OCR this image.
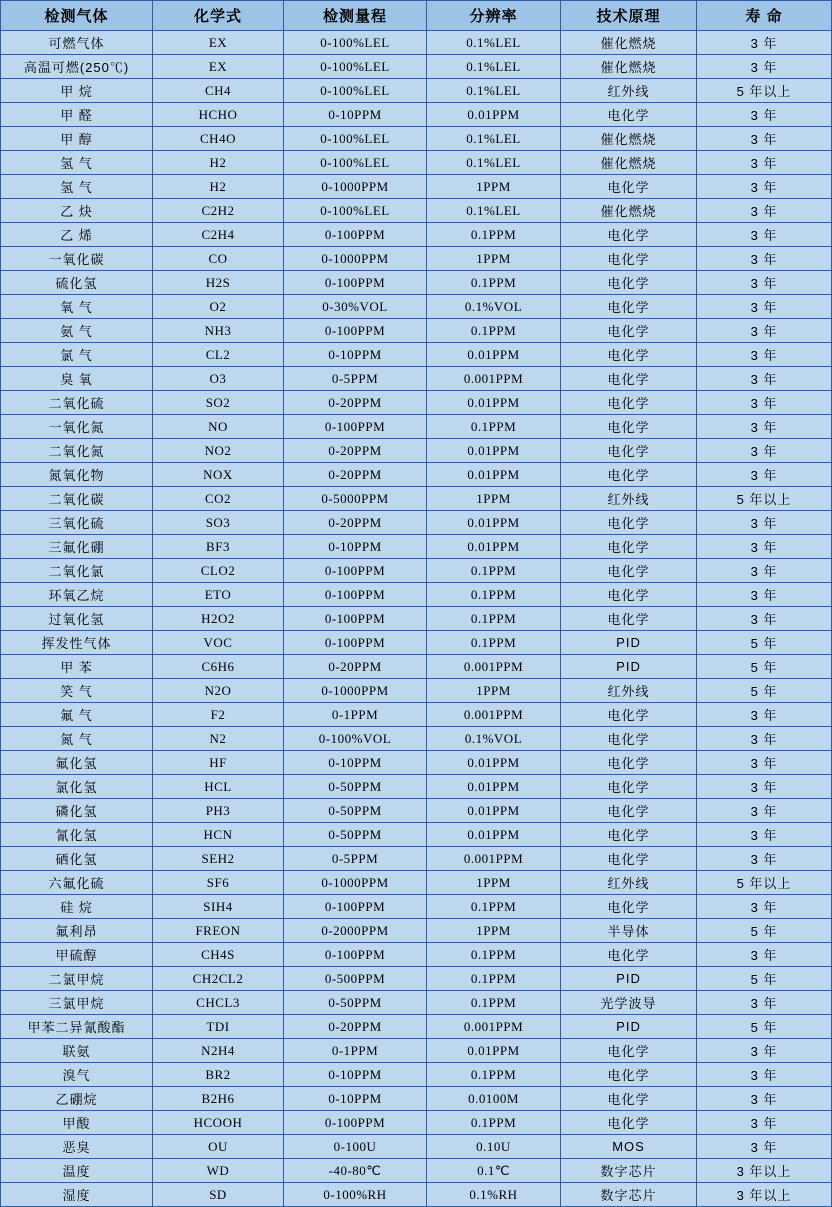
检测气体	化学式	检测量程	分辨率	技术原理	寿 命
可燃气体	EX	0-100%LEL	0.1%LEL	催化燃烧	3 年
高温可燃(250℃)	EX	0-100%LEL	0.1%LEL	催化燃烧	3 年
甲 烷	CH4	0-100%LEL	0.1%LEL	红外线	5 年以上
甲 醛	HCHO	0-10PPM	0.01PPM	电化学	3 年
甲 醇	CH4O	0-100%LEL	0.1%LEL	催化燃烧	3 年
氢 气	H2	0-100%LEL	0.1%LEL	催化燃烧	3 年
氢 气	H2	0-1000PPM	1PPM	电化学	3 年
乙 炔	C2H2	0-100%LEL	0.1%LEL	催化燃烧	3 年
乙 烯	C2H4	0-100PPM	0.1PPM	电化学	3 年
一氧化碳	CO	0-1000PPM	1PPM	电化学	3 年
硫化氢	H2S	0-100PPM	0.1PPM	电化学	3 年
氧 气	O2	0-30%VOL	0.1%VOL	电化学	3 年
氨 气	NH3	0-100PPM	0.1PPM	电化学	3 年
氯 气	CL2	0-10PPM	0.01PPM	电化学	3 年
臭 氧	O3	0-5PPM	0.001PPM	电化学	3 年
二氧化硫	SO2	0-20PPM	0.01PPM	电化学	3 年
一氧化氮	NO	0-100PPM	0.1PPM	电化学	3 年
二氧化氮	NO2	0-20PPM	0.01PPM	电化学	3 年
氮氧化物	NOX	0-20PPM	0.01PPM	电化学	3 年
二氧化碳	CO2	0-5000PPM	1PPM	红外线	5 年以上
三氧化硫	SO3	0-20PPM	0.01PPM	电化学	3 年
三氟化硼	BF3	0-10PPM	0.01PPM	电化学	3 年
二氧化氯	CLO2	0-100PPM	0.1PPM	电化学	3 年
环氧乙烷	ETO	0-100PPM	0.1PPM	电化学	3 年
过氧化氢	H2O2	0-100PPM	0.1PPM	电化学	3 年
挥发性气体	VOC	0-100PPM	0.1PPM	PID	5 年
甲 苯	C6H6	0-20PPM	0.001PPM	PID	5 年
笑 气	N2O	0-1000PPM	1PPM	红外线	5 年
氟 气	F2	0-1PPM	0.001PPM	电化学	3 年
氮 气	N2	0-100%VOL	0.1%VOL	电化学	3 年
氟化氢	HF	0-10PPM	0.01PPM	电化学	3 年
氯化氢	HCL	0-50PPM	0.01PPM	电化学	3 年
磷化氢	PH3	0-50PPM	0.01PPM	电化学	3 年
氰化氢	HCN	0-50PPM	0.01PPM	电化学	3 年
硒化氢	SEH2	0-5PPM	0.001PPM	电化学	3 年
六氟化硫	SF6	0-1000PPM	1PPM	红外线	5 年以上
硅 烷	SIH4	0-100PPM	0.1PPM	电化学	3 年
氟利昂	FREON	0-2000PPM	1PPM	半导体	5 年
甲硫醇	CH4S	0-100PPM	0.1PPM	电化学	3 年
二氯甲烷	CH2CL2	0-500PPM	0.1PPM	PID	5 年
三氯甲烷	CHCL3	0-50PPM	0.1PPM	光学波导	3 年
甲苯二异氰酸酯	TDI	0-20PPM	0.001PPM	PID	5 年
联氨	N2H4	0-1PPM	0.01PPM	电化学	3 年
溴气	BR2	0-10PPM	0.1PPM	电化学	3 年
乙硼烷	B2H6	0-10PPM	0.0100M	电化学	3 年
甲酸	HCOOH	0-100PPM	0.1PPM	电化学	3 年
恶臭	OU	0-100U	0.10U	MOS	3 年
温度	WD	-40-80℃	0.1℃	数字芯片	3 年以上
湿度	SD	0-100%RH	0.1%RH	数字芯片	3 年以上
